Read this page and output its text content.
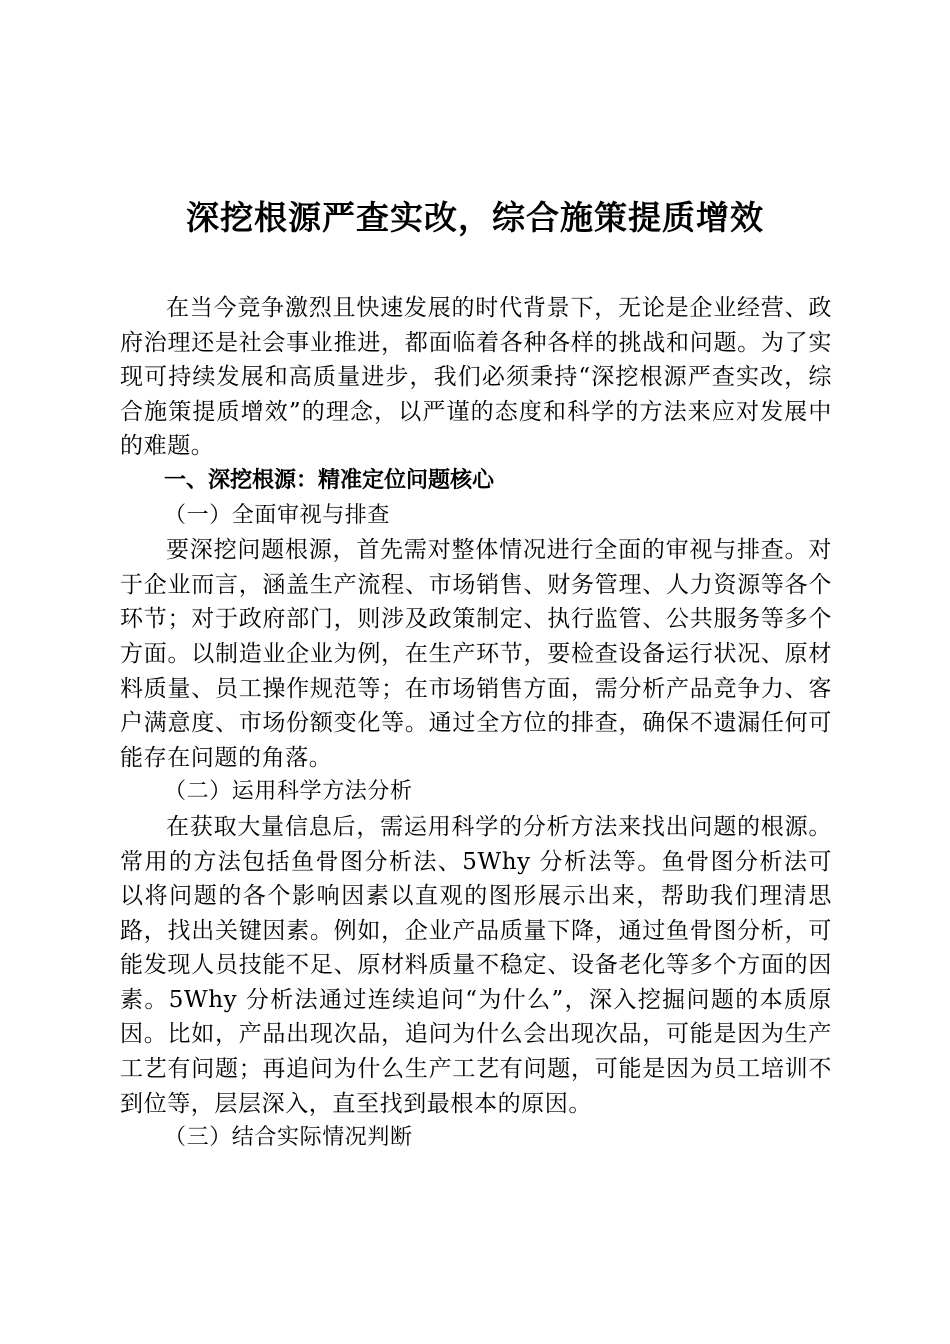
深挖根源严查实改，综合施策提质增效

在当今竞争激烈且快速发展的时代背景下，无论是企业经营、政府治理还是社会事业推进，都面临着各种各样的挑战和问题。为了实现可持续发展和高质量进步，我们必须秉持“深挖根源严查实改，综合施策提质增效”的理念，以严谨的态度和科学的方法来应对发展中的难题。

一、深挖根源：精准定位问题核心

（一）全面审视与排查

要深挖问题根源，首先需对整体情况进行全面的审视与排查。对于企业而言，涵盖生产流程、市场销售、财务管理、人力资源等各个环节；对于政府部门，则涉及政策制定、执行监管、公共服务等多个方面。以制造业企业为例，在生产环节，要检查设备运行状况、原材料质量、员工操作规范等；在市场销售方面，需分析产品竞争力、客户满意度、市场份额变化等。通过全方位的排查，确保不遗漏任何可能存在问题的角落。

（二）运用科学方法分析

在获取大量信息后，需运用科学的分析方法来找出问题的根源。常用的方法包括鱼骨图分析法、5Why 分析法等。鱼骨图分析法可以将问题的各个影响因素以直观的图形展示出来，帮助我们理清思路，找出关键因素。例如，企业产品质量下降，通过鱼骨图分析，可能发现人员技能不足、原材料质量不稳定、设备老化等多个方面的因素。5Why 分析法通过连续追问“为什么”，深入挖掘问题的本质原因。比如，产品出现次品，追问为什么会出现次品，可能是因为生产工艺有问题；再追问为什么生产工艺有问题，可能是因为员工培训不到位等，层层深入，直至找到最根本的原因。

（三）结合实际情况判断
